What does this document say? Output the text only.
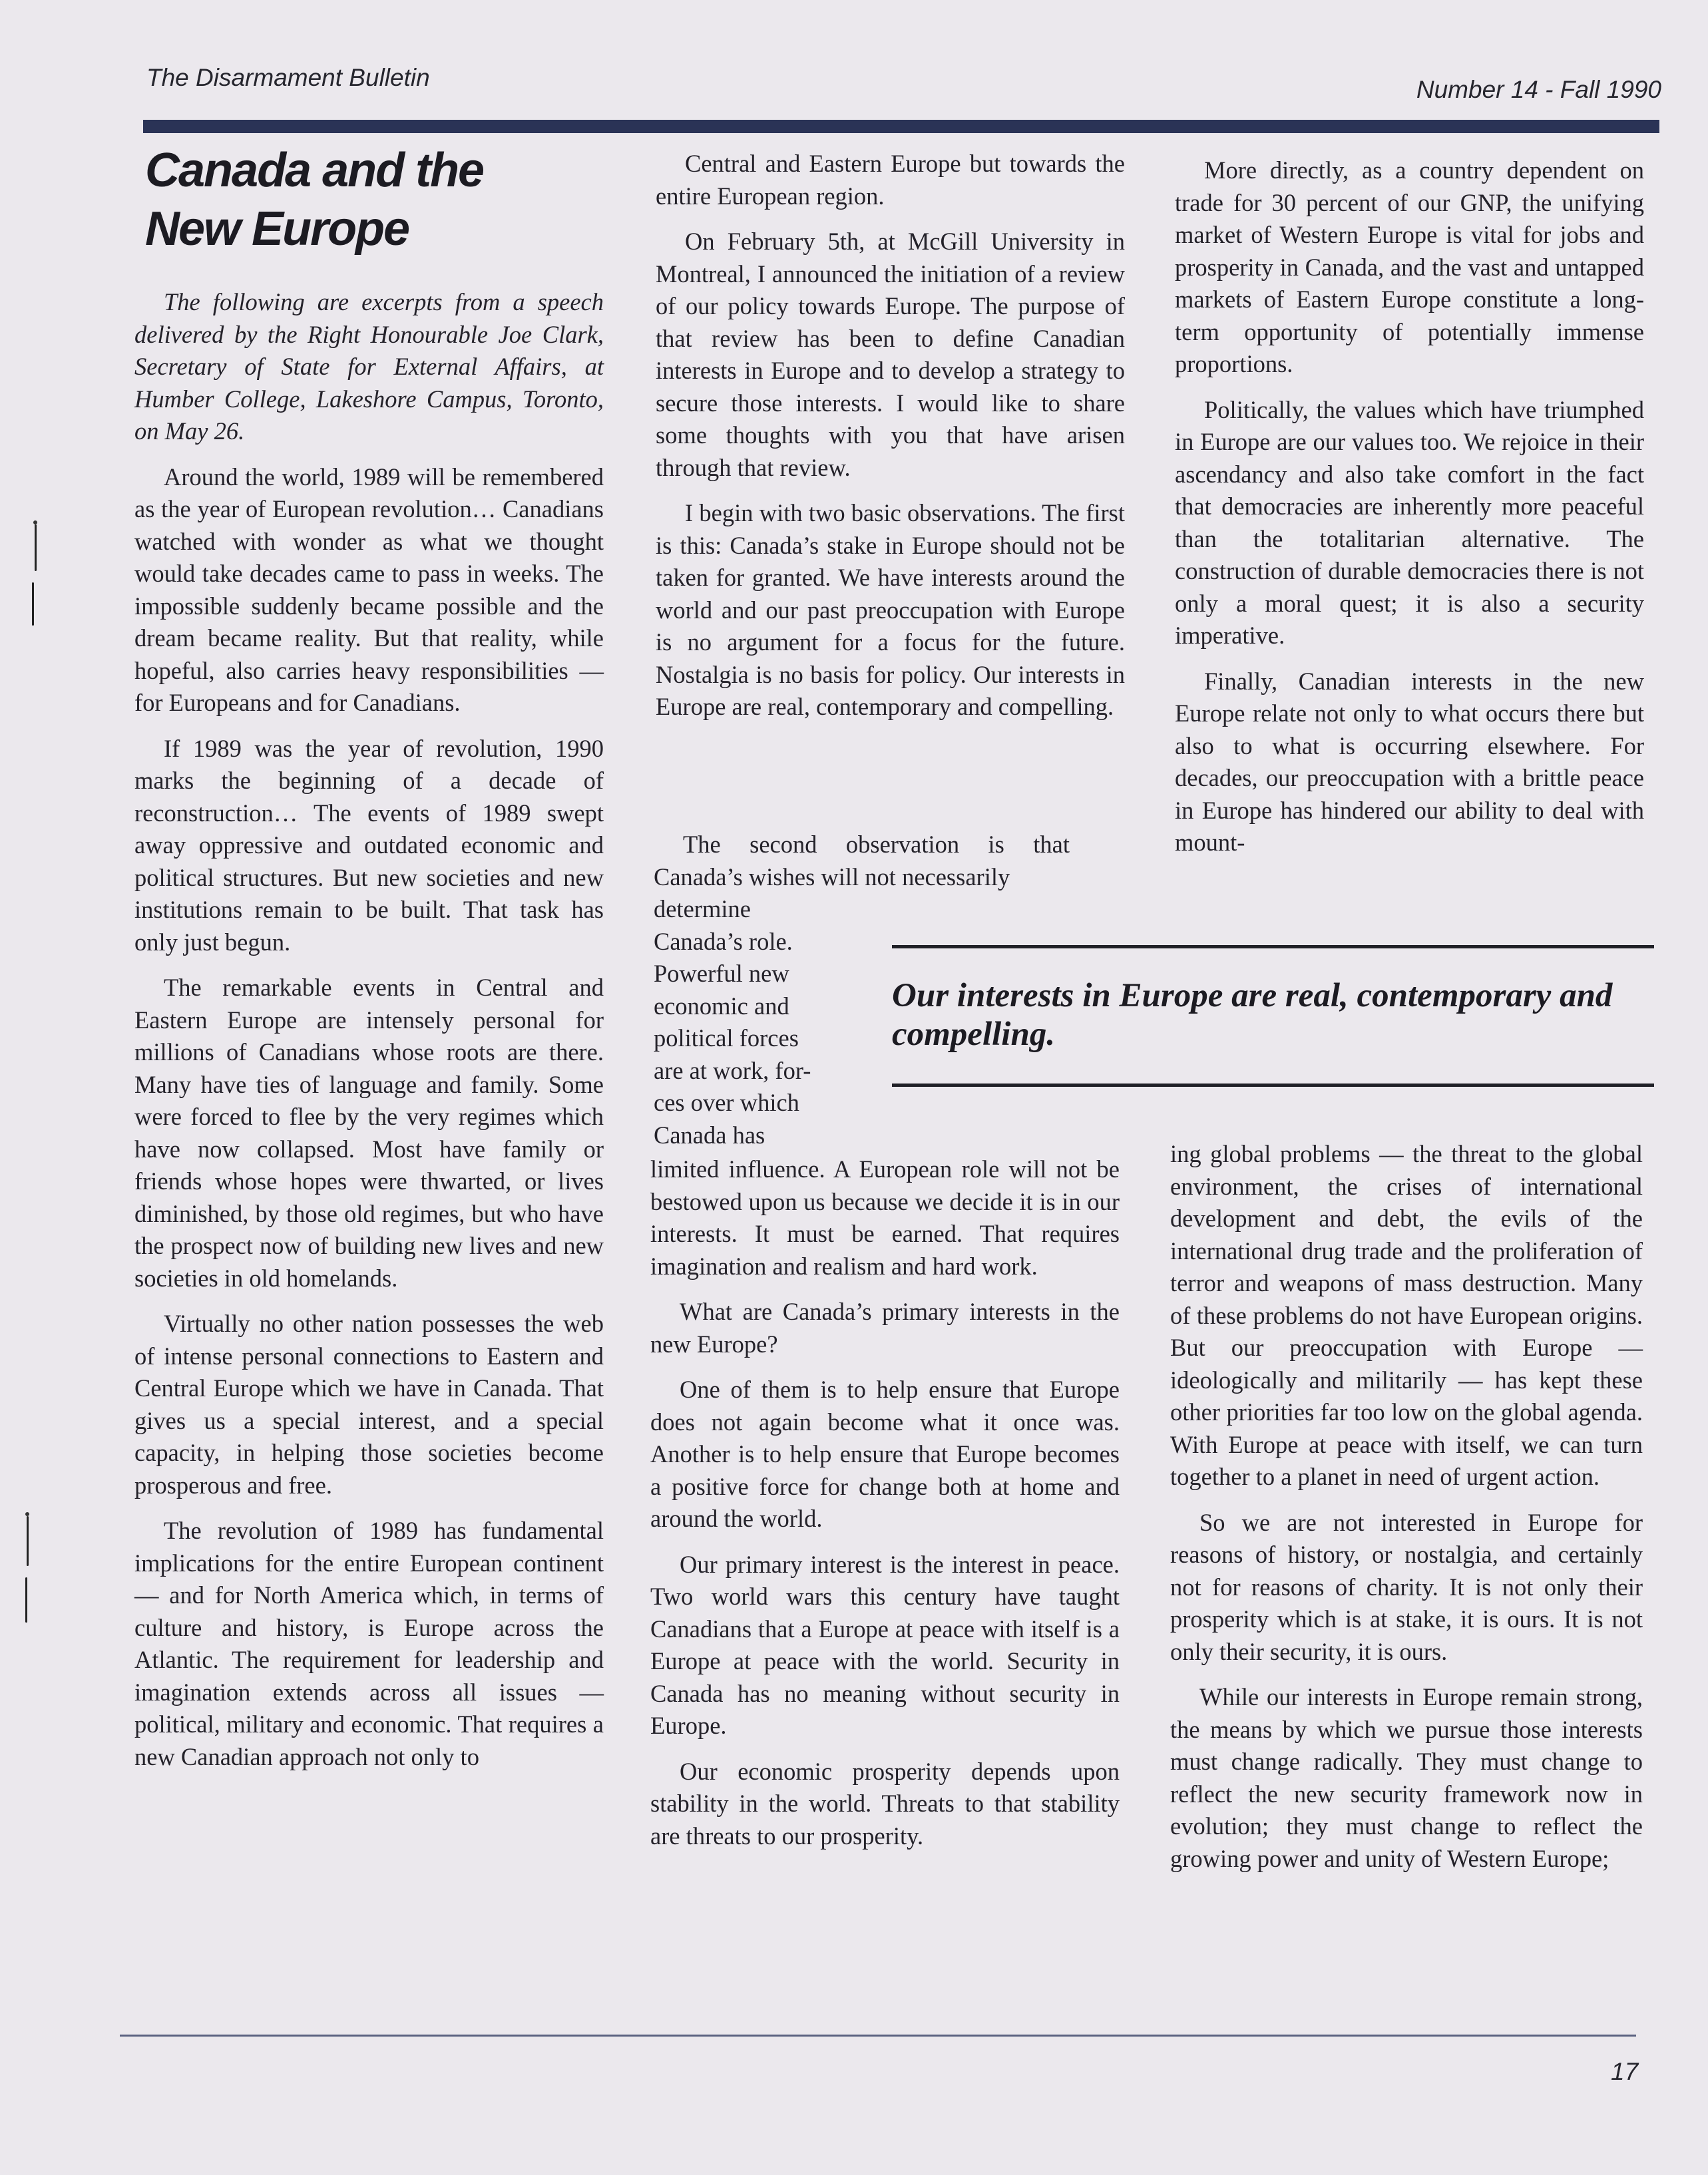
The Disarmament Bulletin	Number 14 - Fall 1990
Canada and the
New Europe

The following are excerpts from a speech delivered by the Right Honourable Joe Clark, Secretary of State for External Affairs, at Humber College, Lakeshore Campus, Toronto, on May 26.

Around the world, 1989 will be remembered as the year of European revolution… Canadians watched with wonder as what we thought would take decades came to pass in weeks. The impossible suddenly became possible and the dream became reality. But that reality, while hopeful, also carries heavy responsibilities — for Europeans and for Canadians.

If 1989 was the year of revolution, 1990 marks the beginning of a decade of reconstruction… The events of 1989 swept away oppressive and outdated economic and political structures. But new societies and new institutions remain to be built. That task has only just begun.

The remarkable events in Central and Eastern Europe are intensely personal for millions of Canadians whose roots are there. Many have ties of language and family. Some were forced to flee by the very regimes which have now collapsed. Most have family or friends whose hopes were thwarted, or lives diminished, by those old regimes, but who have the prospect now of building new lives and new societies in old homelands.

Virtually no other nation possesses the web of intense personal connections to Eastern and Central Europe which we have in Canada. That gives us a special interest, and a special capacity, in helping those societies become prosperous and free.

The revolution of 1989 has fundamental implications for the entire European continent — and for North America which, in terms of culture and history, is Europe across the Atlantic. The requirement for leadership and imagination extends across all issues — political, military and economic. That requires a new Canadian approach not only to

Central and Eastern Europe but towards the entire European region.

On February 5th, at McGill University in Montreal, I announced the initiation of a review of our policy towards Europe. The purpose of that review has been to define Canadian interests in Europe and to develop a strategy to secure those interests. I would like to share some thoughts with you that have arisen through that review.

I begin with two basic observations. The first is this: Canada’s stake in Europe should not be taken for granted. We have interests around the world and our past preoccupation with Europe is no argument for a focus for the future. Nostalgia is no basis for policy. Our interests in Europe are real, contemporary and compelling.

The second observation is that Canada’s wishes will not necessarily

determine
Canada’s role.
Powerful new
economic and
political forces
are at work, for-
ces over which
Canada has

limited influence. A European role will not be bestowed upon us because we decide it is in our interests. It must be earned. That requires imagination and realism and hard work.

What are Canada’s primary interests in the new Europe?

One of them is to help ensure that Europe does not again become what it once was. Another is to help ensure that Europe becomes a positive force for change both at home and around the world.

Our primary interest is the interest in peace. Two world wars this century have taught Canadians that a Europe at peace with itself is a Europe at peace with the world. Security in Canada has no meaning without security in Europe.

Our economic prosperity depends upon stability in the world. Threats to that stability are threats to our prosperity.

More directly, as a country dependent on trade for 30 percent of our GNP, the unifying market of Western Europe is vital for jobs and prosperity in Canada, and the vast and untapped markets of Eastern Europe constitute a long-term opportunity of potentially immense proportions.

Politically, the values which have triumphed in Europe are our values too. We rejoice in their ascendancy and also take comfort in the fact that democracies are inherently more peaceful than the totalitarian alternative. The construction of durable democracies there is not only a moral quest; it is also a security imperative.

Finally, Canadian interests in the new Europe relate not only to what occurs there but also to what is occurring elsewhere. For decades, our preoccupation with a brittle peace in Europe has hindered our ability to deal with mount-

Our interests in Europe are real, contemporary and compelling.

ing global problems — the threat to the global environment, the crises of international development and debt, the evils of the international drug trade and the proliferation of terror and weapons of mass destruction. Many of these problems do not have European origins. But our preoccupation with Europe — ideologically and militarily — has kept these other priorities far too low on the global agenda. With Europe at peace with itself, we can turn together to a planet in need of urgent action.

So we are not interested in Europe for reasons of history, or nostalgia, and certainly not for reasons of charity. It is not only their prosperity which is at stake, it is ours. It is not only their security, it is ours.

While our interests in Europe remain strong, the means by which we pursue those interests must change radically. They must change to reflect the new security framework now in evolution; they must change to reflect the growing power and unity of Western Europe;

17
